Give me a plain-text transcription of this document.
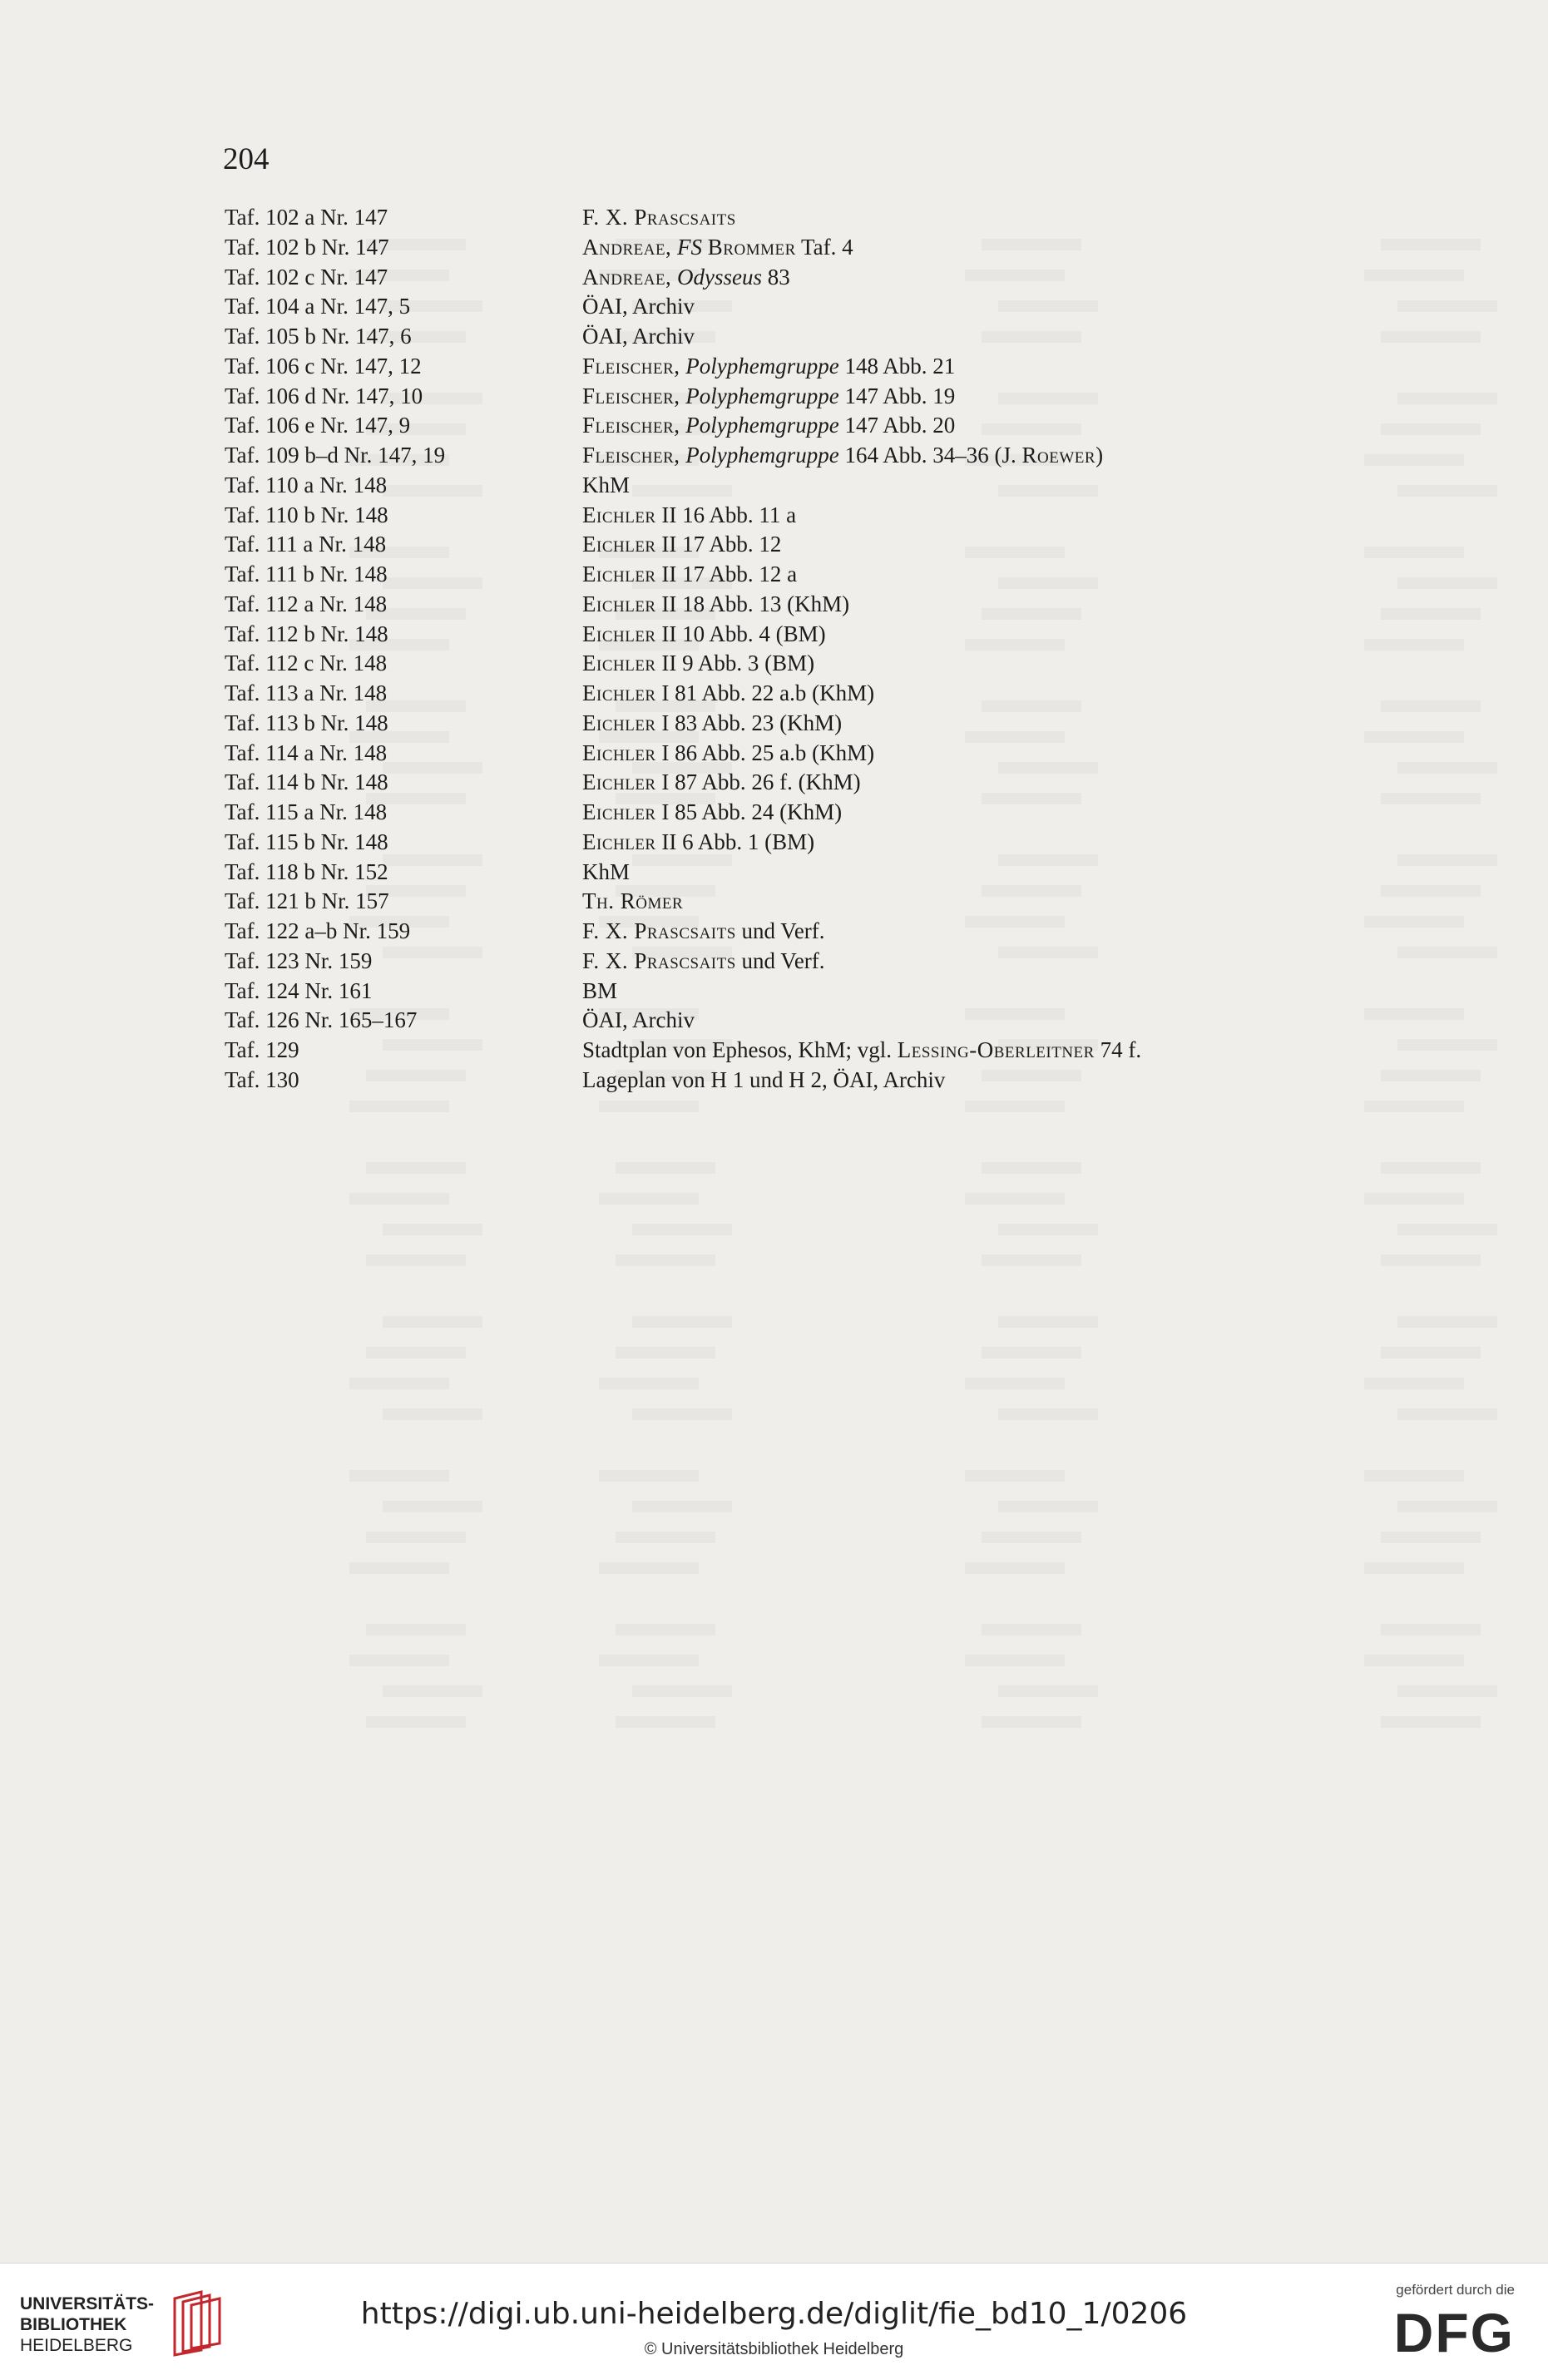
204
Taf. 102 a Nr. 147	F. X. Prascsaits
Taf. 102 b Nr. 147	Andreae, FS Brommer Taf. 4
Taf. 102 c Nr. 147	Andreae, Odysseus 83
Taf. 104 a Nr. 147, 5	ÖAI, Archiv
Taf. 105 b Nr. 147, 6	ÖAI, Archiv
Taf. 106 c Nr. 147, 12	Fleischer, Polyphemgruppe 148 Abb. 21
Taf. 106 d Nr. 147, 10	Fleischer, Polyphemgruppe 147 Abb. 19
Taf. 106 e Nr. 147, 9	Fleischer, Polyphemgruppe 147 Abb. 20
Taf. 109 b–d Nr. 147, 19	Fleischer, Polyphemgruppe 164 Abb. 34–36 (J. Roewer)
Taf. 110 a Nr. 148	KhM
Taf. 110 b Nr. 148	Eichler II 16 Abb. 11 a
Taf. 111 a Nr. 148	Eichler II 17 Abb. 12
Taf. 111 b Nr. 148	Eichler II 17 Abb. 12 a
Taf. 112 a Nr. 148	Eichler II 18 Abb. 13 (KhM)
Taf. 112 b Nr. 148	Eichler II 10 Abb. 4 (BM)
Taf. 112 c Nr. 148	Eichler II 9 Abb. 3 (BM)
Taf. 113 a Nr. 148	Eichler I 81 Abb. 22 a.b (KhM)
Taf. 113 b Nr. 148	Eichler I 83 Abb. 23 (KhM)
Taf. 114 a Nr. 148	Eichler I 86 Abb. 25 a.b (KhM)
Taf. 114 b Nr. 148	Eichler I 87 Abb. 26 f. (KhM)
Taf. 115 a Nr. 148	Eichler I 85 Abb. 24 (KhM)
Taf. 115 b Nr. 148	Eichler II 6 Abb. 1 (BM)
Taf. 118 b Nr. 152	KhM
Taf. 121 b Nr. 157	Th. Römer
Taf. 122 a–b Nr. 159	F. X. Prascsaits und Verf.
Taf. 123 Nr. 159	F. X. Prascsaits und Verf.
Taf. 124 Nr. 161	BM
Taf. 126 Nr. 165–167	ÖAI, Archiv
Taf. 129	Stadtplan von Ephesos, KhM; vgl. Lessing-Oberleitner 74 f.
Taf. 130	Lageplan von H 1 und H 2, ÖAI, Archiv
UNIVERSITÄTS-
BIBLIOTHEK
HEIDELBERG
https://digi.ub.uni-heidelberg.de/diglit/fie_bd10_1/0206
© Universitätsbibliothek Heidelberg
gefördert durch die
DFG
